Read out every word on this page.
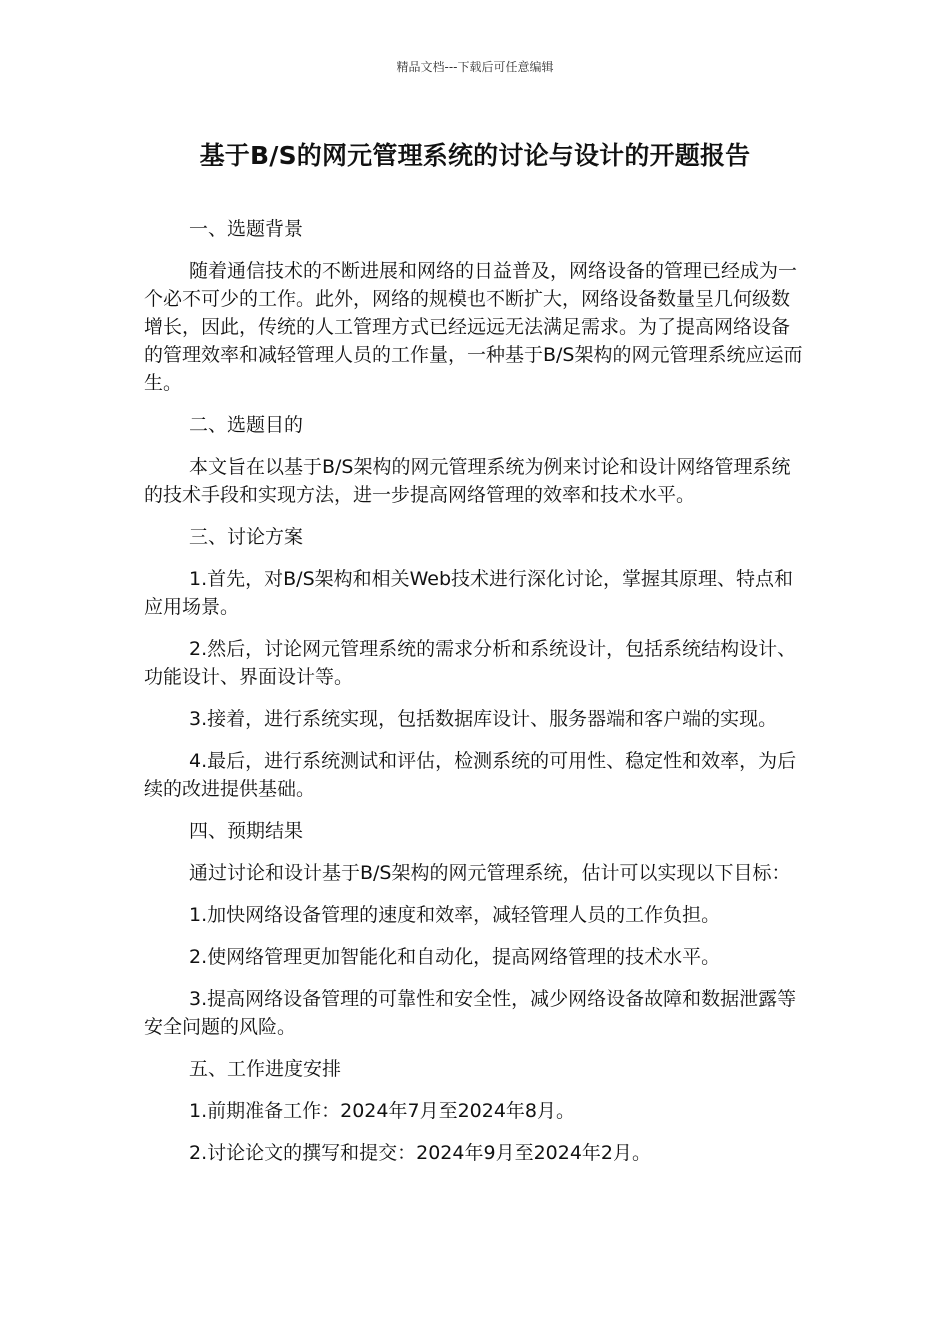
精品文档---下载后可任意编辑
基于B/S的网元管理系统的讨论与设计的开题报告

一、选题背景

随着通信技术的不断进展和网络的日益普及，网络设备的管理已经成为一个必不可少的工作。此外，网络的规模也不断扩大，网络设备数量呈几何级数增长，因此，传统的人工管理方式已经远远无法满足需求。为了提高网络设备的管理效率和减轻管理人员的工作量，一种基于B/S架构的网元管理系统应运而生。

二、选题目的

本文旨在以基于B/S架构的网元管理系统为例来讨论和设计网络管理系统的技术手段和实现方法，进一步提高网络管理的效率和技术水平。

三、讨论方案

1.首先，对B/S架构和相关Web技术进行深化讨论，掌握其原理、特点和应用场景。

2.然后，讨论网元管理系统的需求分析和系统设计，包括系统结构设计、功能设计、界面设计等。

3.接着，进行系统实现，包括数据库设计、服务器端和客户端的实现。

4.最后，进行系统测试和评估，检测系统的可用性、稳定性和效率，为后续的改进提供基础。

四、预期结果

通过讨论和设计基于B/S架构的网元管理系统，估计可以实现以下目标：

1.加快网络设备管理的速度和效率，减轻管理人员的工作负担。

2.使网络管理更加智能化和自动化，提高网络管理的技术水平。

3.提高网络设备管理的可靠性和安全性，减少网络设备故障和数据泄露等安全问题的风险。

五、工作进度安排

1.前期准备工作：2024年7月至2024年8月。

2.讨论论文的撰写和提交：2024年9月至2024年2月。
